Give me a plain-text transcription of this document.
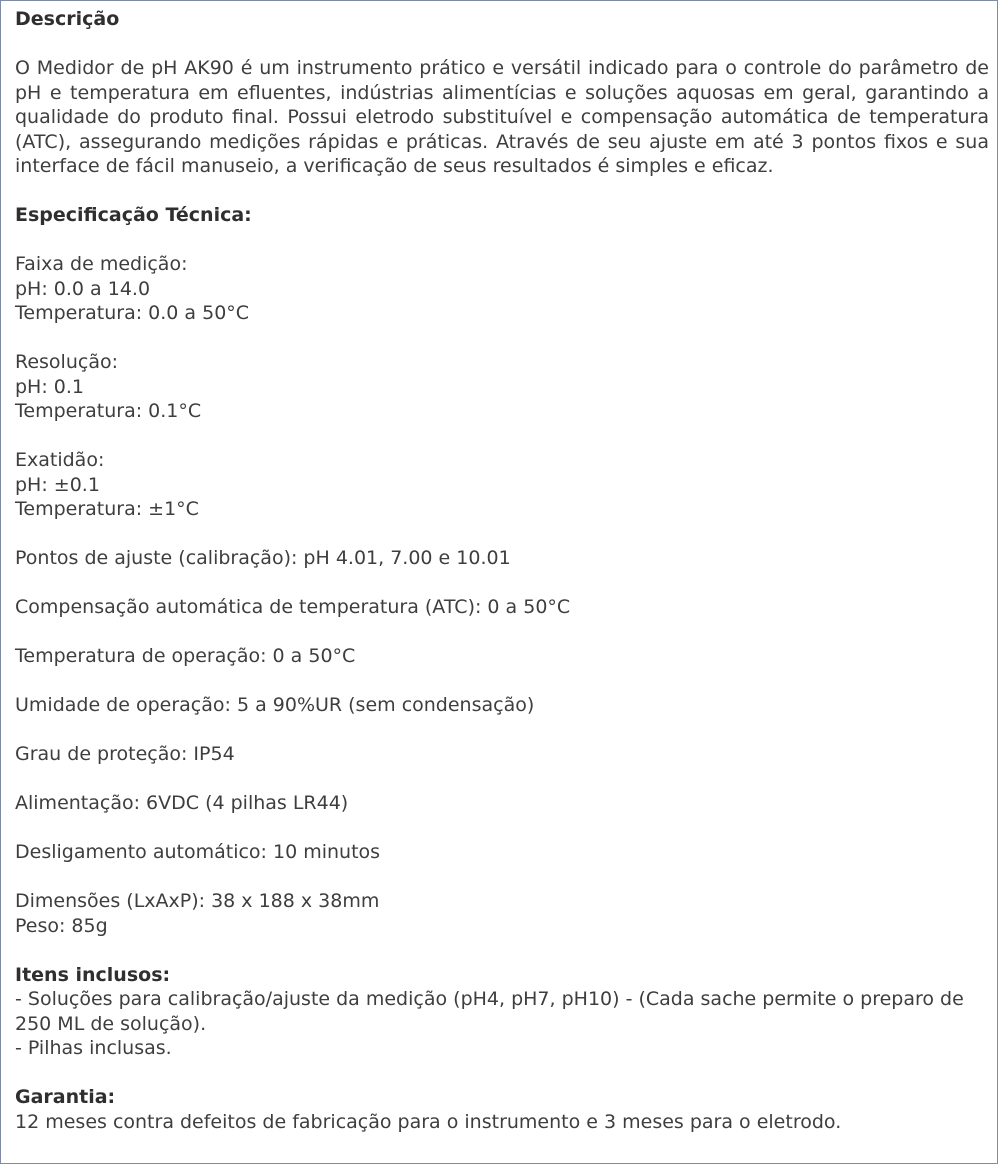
Descrição

O Medidor de pH AK90 é um instrumento prático e versátil indicado para o controle do parâmetro de pH e temperatura em efluentes, indústrias alimentícias e soluções aquosas em geral, garantindo a qualidade do produto final. Possui eletrodo substituível e compensação automática de temperatura (ATC), assegurando medições rápidas e práticas. Através de seu ajuste em até 3 pontos fixos e sua interface de fácil manuseio, a verificação de seus resultados é simples e eficaz.

Especificação Técnica:

Faixa de medição:
pH: 0.0 a 14.0
Temperatura: 0.0 a 50°C
Resolução:
pH: 0.1
Temperatura: 0.1°C
Exatidão:
pH: ±0.1
Temperatura: ±1°C
Pontos de ajuste (calibração): pH 4.01, 7.00 e 10.01
Compensação automática de temperatura (ATC): 0 a 50°C
Temperatura de operação: 0 a 50°C
Umidade de operação: 5 a 90%UR (sem condensação)
Grau de proteção: IP54
Alimentação: 6VDC (4 pilhas LR44)
Desligamento automático: 10 minutos
Dimensões (LxAxP): 38 x 188 x 38mm
Peso: 85g

Itens inclusos:

- Soluções para calibração/ajuste da medição (pH4, pH7, pH10) - (Cada sache permite o preparo de 250 ML de solução).
- Pilhas inclusas.

Garantia:

12 meses contra defeitos de fabricação para o instrumento e 3 meses para o eletrodo.
